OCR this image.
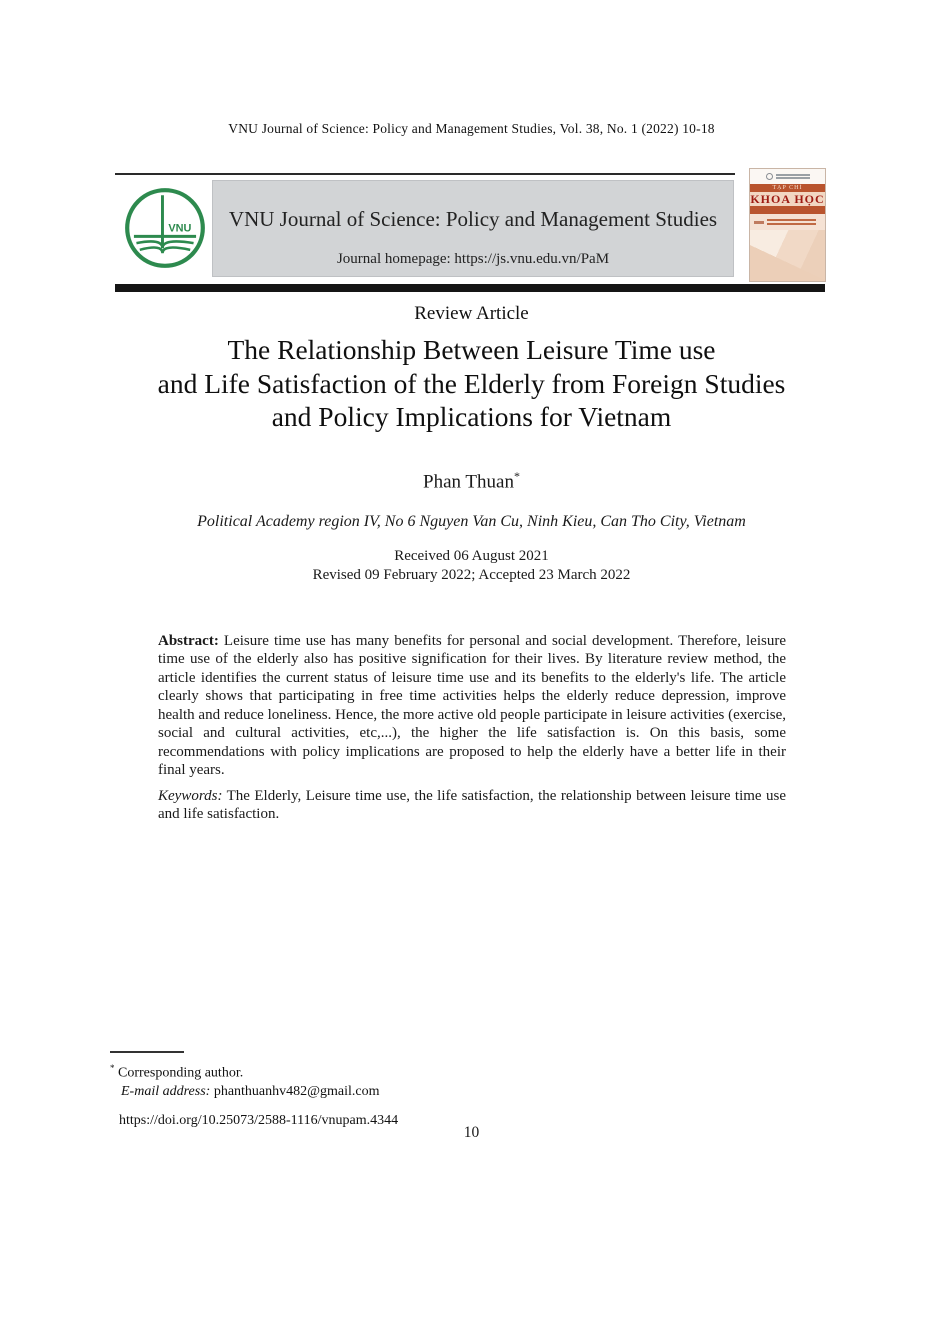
VNU Journal of Science: Policy and Management Studies, Vol. 38, No. 1 (2022) 10-18
VNU	VNU Journal of Science: Policy and Management Studies
Journal homepage: https://js.vnu.edu.vn/PaM
TẠP CHÍ
KHOA HỌC
Review Article
The Relationship Between Leisure Time use
and Life Satisfaction of the Elderly from Foreign Studies
and Policy Implications for Vietnam
Phan Thuan*
Political Academy region IV, No 6 Nguyen Van Cu, Ninh Kieu, Can Tho City, Vietnam
Received 06 August 2021
Revised 09 February 2022; Accepted 23 March 2022

Abstract: Leisure time use has many benefits for personal and social development. Therefore, leisure time use of the elderly also has positive signification for their lives. By literature review method, the article identifies the current status of leisure time use and its benefits to the elderly's life. The article clearly shows that participating in free time activities helps the elderly reduce depression, improve health and reduce loneliness. Hence, the more active old people participate in leisure activities (exercise, social and cultural activities, etc,...), the higher the life satisfaction is. On this basis, some recommendations with policy implications are proposed to help the elderly have a better life in their final years.

Keywords: The Elderly, Leisure time use, the life satisfaction, the relationship between leisure time use and life satisfaction.

* Corresponding author.
E-mail address: phanthuanhv482@gmail.com
https://doi.org/10.25073/2588-1116/vnupam.4344
10
